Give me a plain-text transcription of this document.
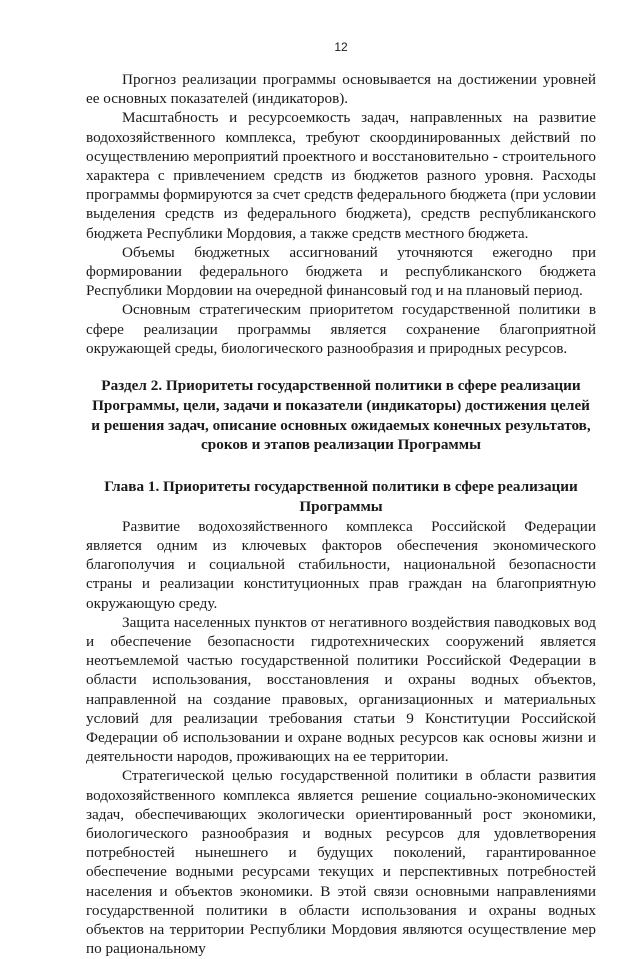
12

Прогноз реализации программы основывается на достижении уровней ее основных показателей (индикаторов).

Масштабность и ресурсоемкость задач, направленных на развитие водохозяйственного комплекса, требуют скоординированных действий по осуществлению мероприятий проектного и восстановительно - строительного характера с привлечением средств из бюджетов разного уровня. Расходы программы формируются за счет средств федерального бюджета (при условии выделения средств из федерального бюджета), средств республиканского бюджета Республики Мордовия, а также средств местного бюджета.

Объемы бюджетных ассигнований уточняются ежегодно при формировании федерального бюджета и республиканского бюджета Республики Мордовии на очередной финансовый год и на плановый период.

Основным стратегическим приоритетом государственной политики в сфере реализации программы является сохранение благоприятной окружающей среды, биологического разнообразия и природных ресурсов.

Раздел 2. Приоритеты государственной политики в сфере реализации Программы, цели, задачи и показатели (индикаторы) достижения целей и решения задач, описание основных ожидаемых конечных результатов, сроков и этапов реализации Программы

Глава 1. Приоритеты государственной политики в сфере реализации Программы

Развитие водохозяйственного комплекса Российской Федерации является одним из ключевых факторов обеспечения экономического благополучия и социальной стабильности, национальной безопасности страны и реализации конституционных прав граждан на благоприятную окружающую среду.

Защита населенных пунктов от негативного воздействия паводковых вод и обеспечение безопасности гидротехнических сооружений является неотъемлемой частью государственной политики Российской Федерации в области использования, восстановления и охраны водных объектов, направленной на создание правовых, организационных и материальных условий для реализации требования статьи 9 Конституции Российской Федерации об использовании и охране водных ресурсов как основы жизни и деятельности народов, проживающих на ее территории.

Стратегической целью государственной политики в области развития водохозяйственного комплекса является решение социально-экономических задач, обеспечивающих экологически ориентированный рост экономики, биологического разнообразия и водных ресурсов для удовлетворения потребностей нынешнего и будущих поколений, гарантированное обеспечение водными ресурсами текущих и перспективных потребностей населения и объектов экономики. В этой связи основными направлениями государственной политики в области использования и охраны водных объектов на территории Республики Мордовия являются осуществление мер по рациональному
